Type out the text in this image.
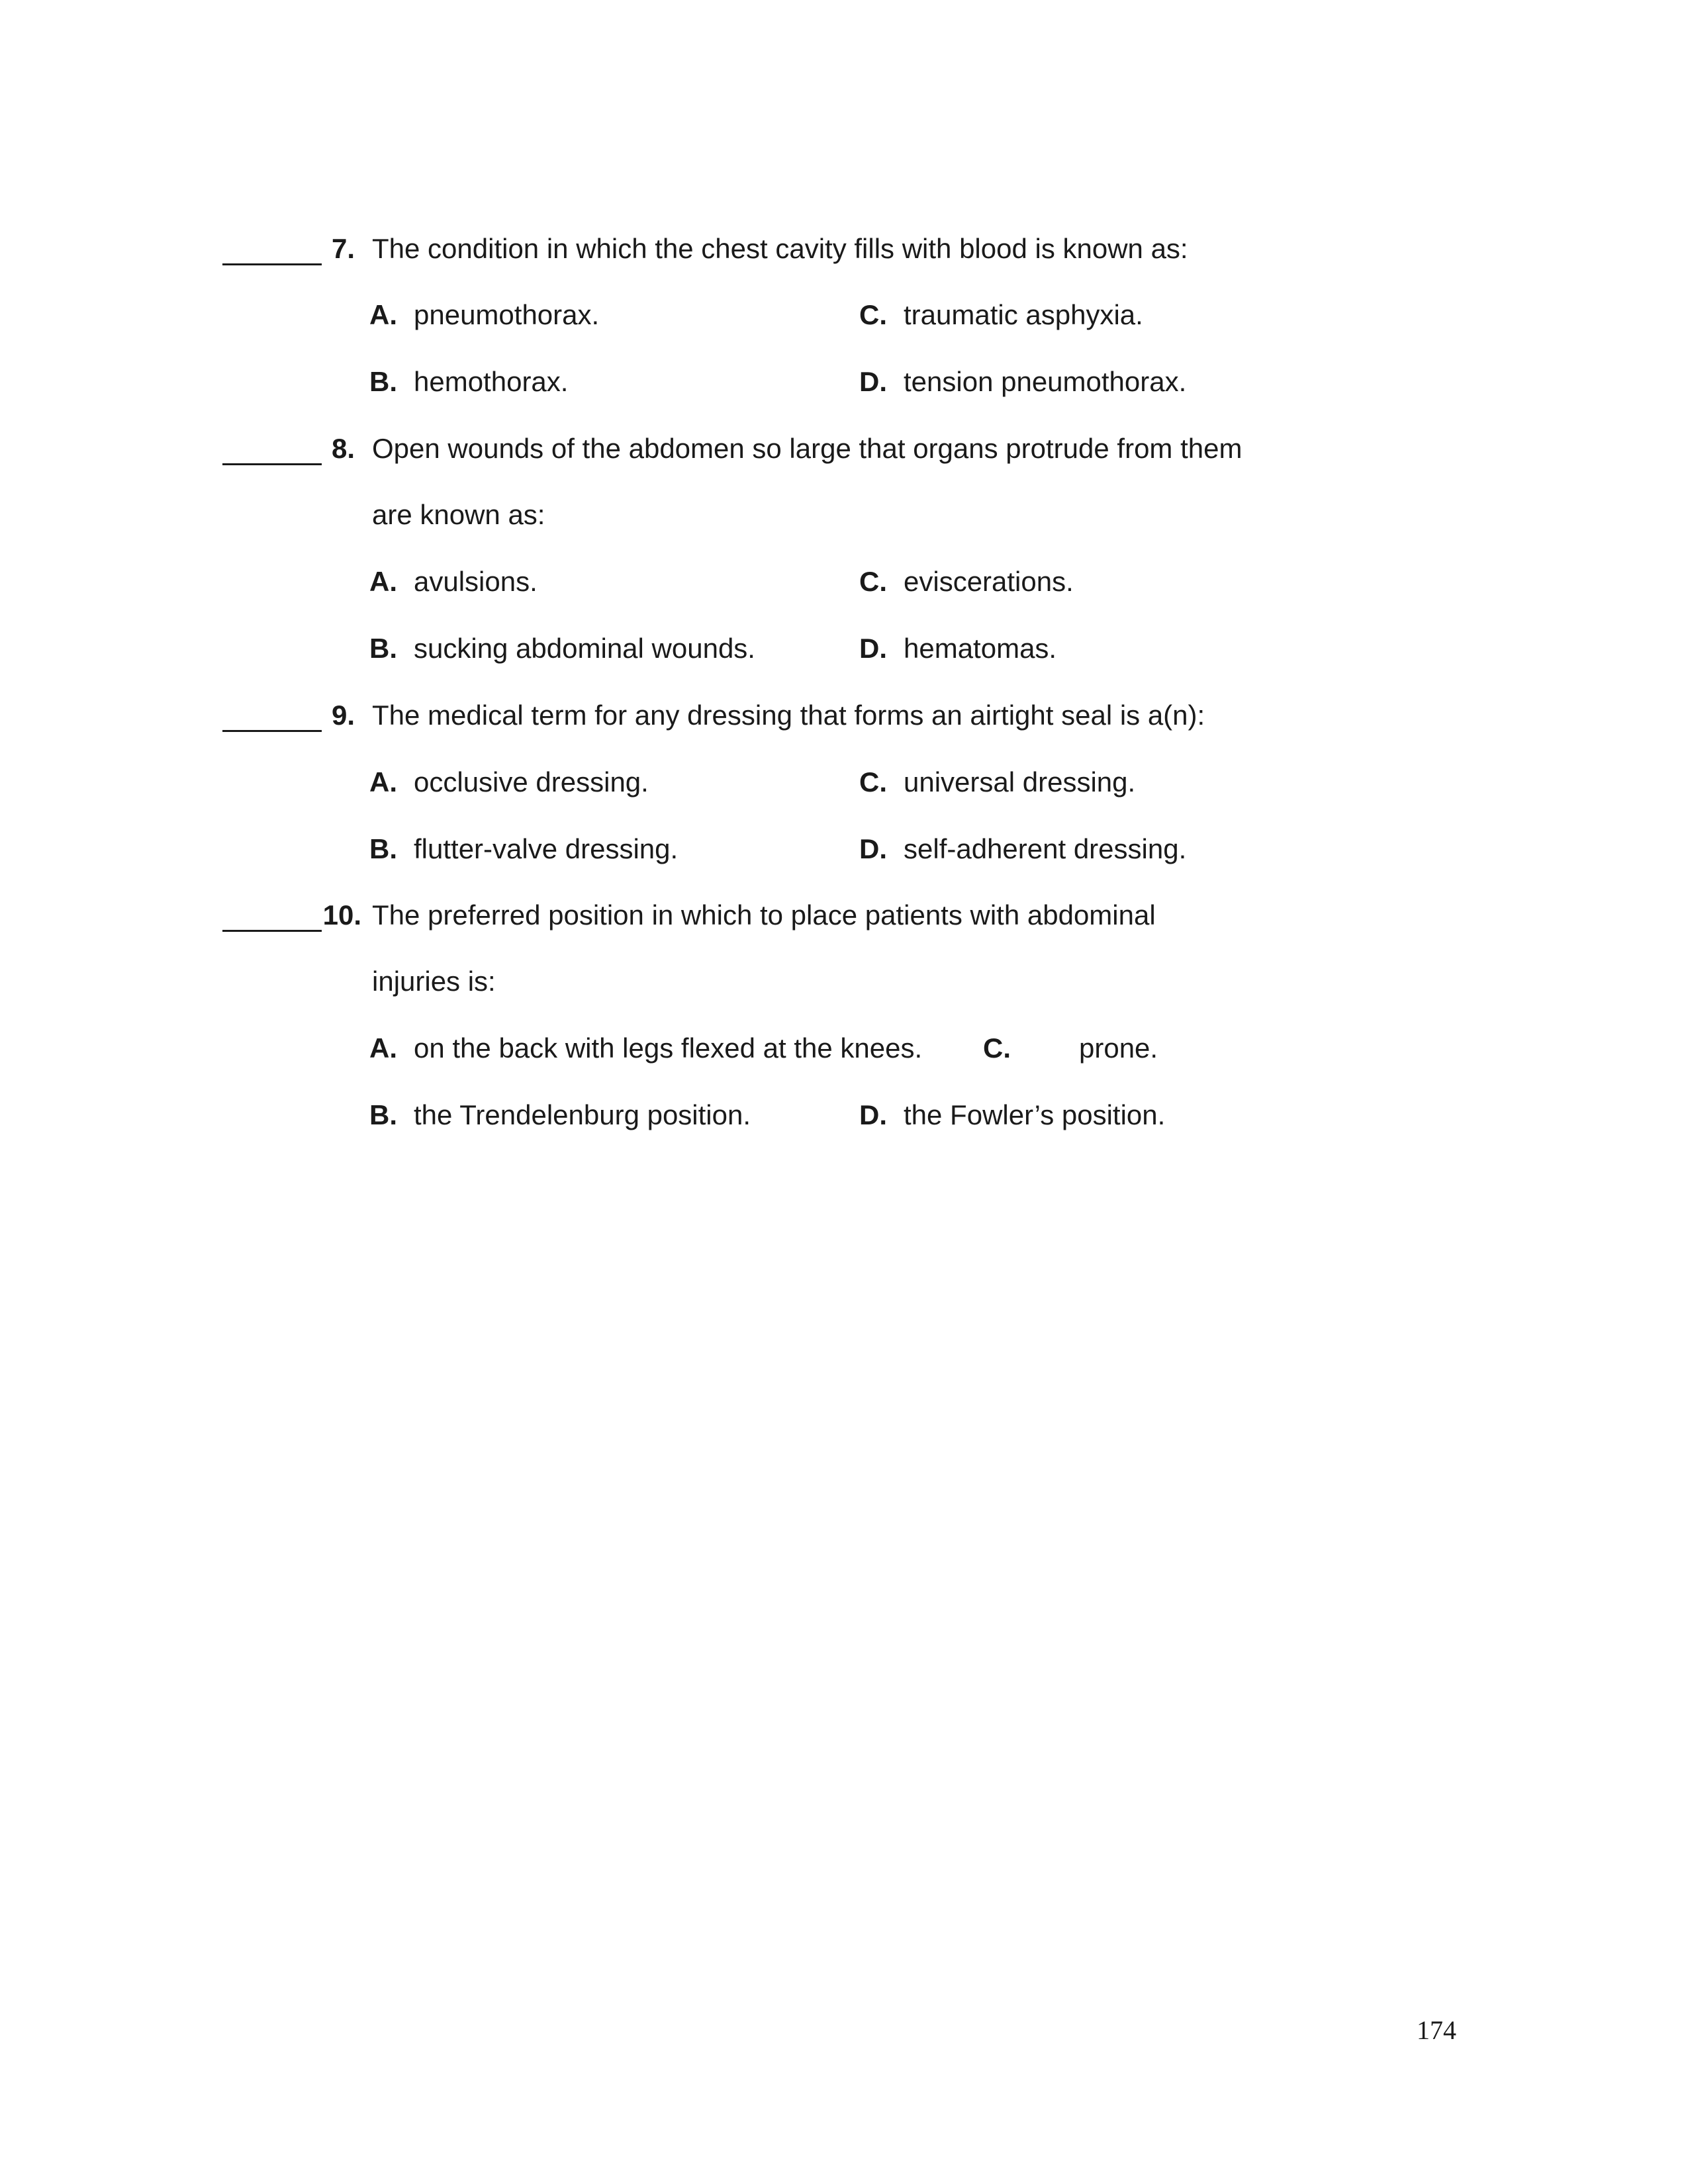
7. The condition in which the chest cavity fills with blood is known as:
A. pneumothorax.	C. traumatic asphyxia.
B. hemothorax.	D. tension pneumothorax.
8. Open wounds of the abdomen so large that organs protrude from them
are known as:
A. avulsions.	C. eviscerations.
B. sucking abdominal wounds.	D. hematomas.
9. The medical term for any dressing that forms an airtight seal is a(n):
A. occlusive dressing.	C. universal dressing.
B. flutter-valve dressing.	D. self-adherent dressing.
10. The preferred position in which to place patients with abdominal
injuries is:
A. on the back with legs flexed at the knees. C. prone.
B. the Trendelenburg position.	D. the Fowler’s position.
174
